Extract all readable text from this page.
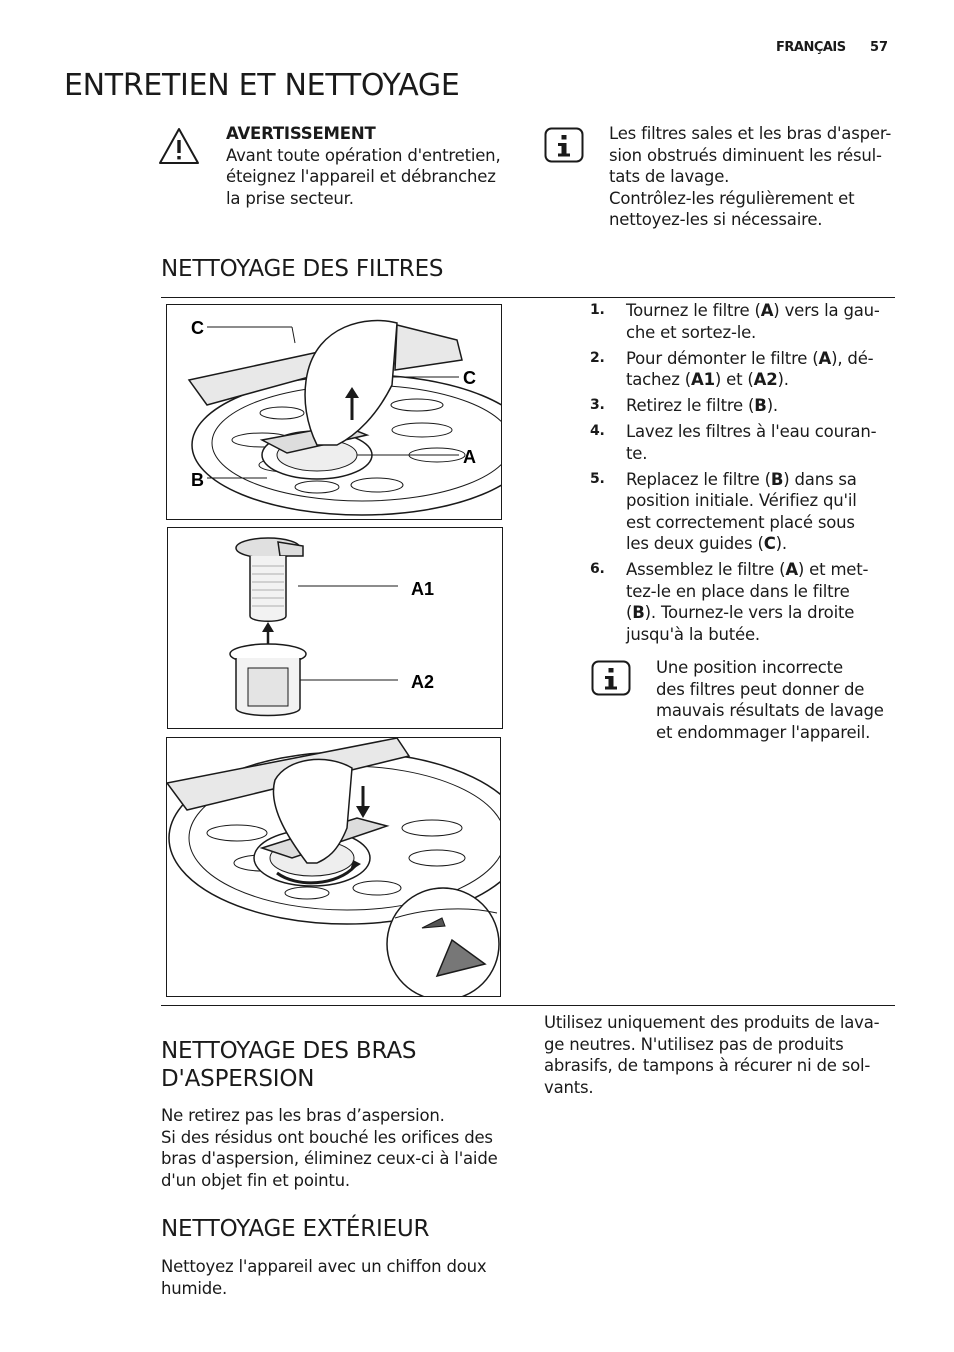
FRANÇAIS 57
ENTRETIEN ET NETTOYAGE
AVERTISSEMENT
Avant toute opération d'entretien,
éteignez l'appareil et débranchez
la prise secteur.
Les filtres sales et les bras d'asper-
sion obstrués diminuent les résul-
tats de lavage.
Contrôlez-les régulièrement et
nettoyez-les si nécessaire.
NETTOYAGE DES FILTRES
C
C
A
B
A1
A2
1. Tournez le filtre (A) vers la gau-
che et sortez-le.
2. Pour démonter le filtre (A), dé-
tachez (A1) et (A2).
3. Retirez le filtre (B).
4. Lavez les filtres à l'eau couran-
te.
5. Replacez le filtre (B) dans sa
position initiale. Vérifiez qu'il
est correctement placé sous
les deux guides (C).
6. Assemblez le filtre (A) et met-
tez-le en place dans le filtre
(B). Tournez-le vers la droite
jusqu'à la butée.
Une position incorrecte
des filtres peut donner de
mauvais résultats de lavage
et endommager l'appareil.
NETTOYAGE DES BRAS
D'ASPERSION
Ne retirez pas les bras d’aspersion.
Si des résidus ont bouché les orifices des
bras d'aspersion, éliminez ceux-ci à l'aide
d'un objet fin et pointu.
NETTOYAGE EXTÉRIEUR
Nettoyez l'appareil avec un chiffon doux
humide.
Utilisez uniquement des produits de lava-
ge neutres. N'utilisez pas de produits
abrasifs, de tampons à récurer ni de sol-
vants.
